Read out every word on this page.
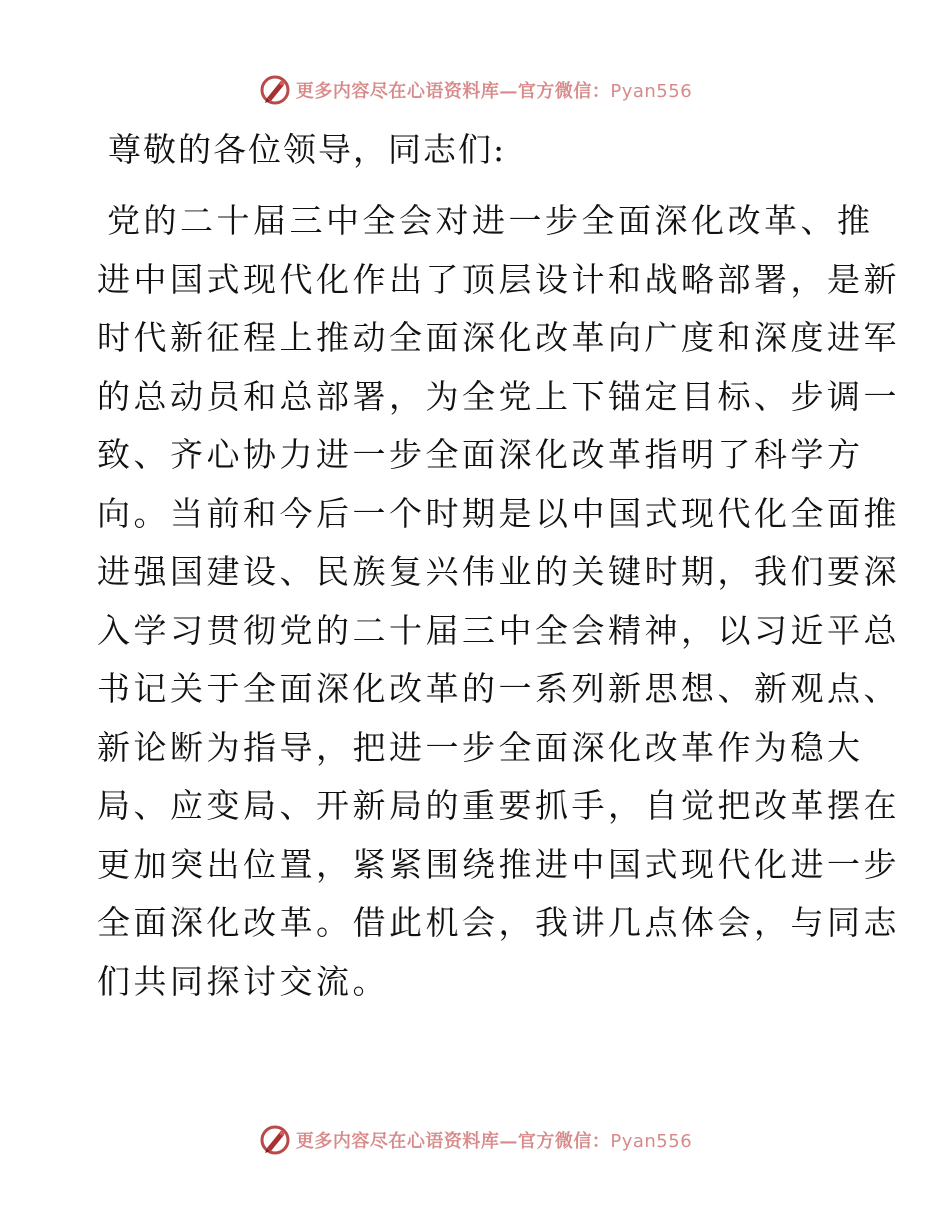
更多内容尽在心语资料库—官方微信：Pyan556
尊敬的各位领导，同志们:
党的二十届三中全会对进一步全面深化改革、推
进中国式现代化作出了顶层设计和战略部署，是新
时代新征程上推动全面深化改革向广度和深度进军
的总动员和总部署，为全党上下锚定目标、步调一
致、齐心协力进一步全面深化改革指明了科学方
向。当前和今后一个时期是以中国式现代化全面推
进强国建设、民族复兴伟业的关键时期，我们要深
入学习贯彻党的二十届三中全会精神，以习近平总
书记关于全面深化改革的一系列新思想、新观点、
新论断为指导，把进一步全面深化改革作为稳大
局、应变局、开新局的重要抓手，自觉把改革摆在
更加突出位置，紧紧围绕推进中国式现代化进一步
全面深化改革。借此机会，我讲几点体会，与同志
们共同探讨交流。
更多内容尽在心语资料库—官方微信：Pyan556
